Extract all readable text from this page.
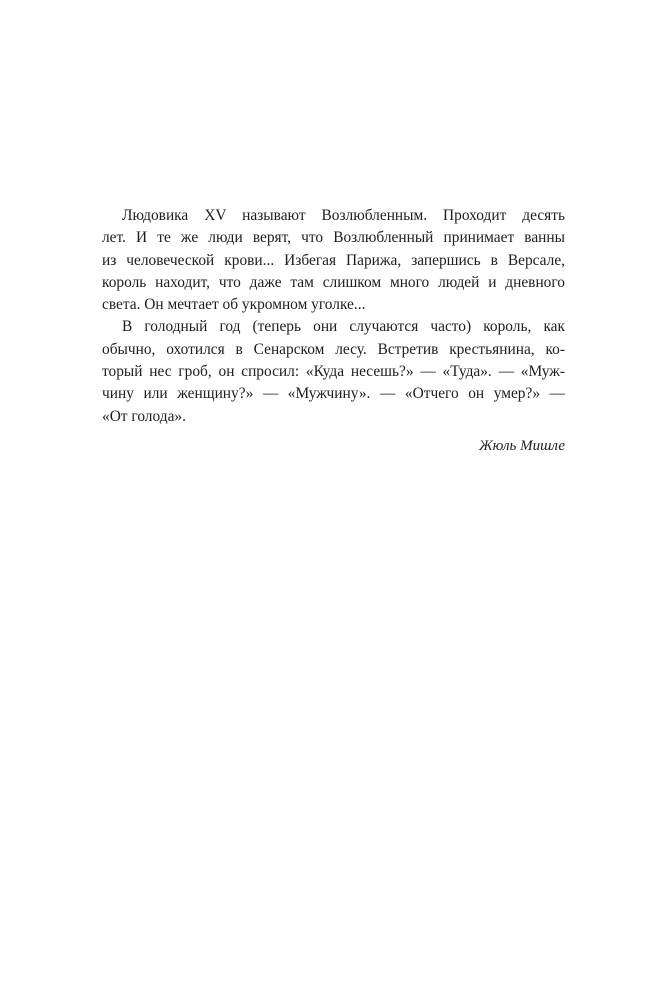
Людовика XV называют Возлюбленным. Проходит десять
лет. И те же люди верят, что Возлюбленный принимает ванны
из человеческой крови... Избегая Парижа, запершись в Версале,
король находит, что даже там слишком много людей и дневного
света. Он мечтает об укромном уголке...
В голодный год (теперь они случаются часто) король, как
обычно, охотился в Сенарском лесу. Встретив крестьянина, ко-
торый нес гроб, он спросил: «Куда несешь?» — «Туда». — «Муж-
чину или женщину?» — «Мужчину». — «Отчего он умер?» —
«От голода».
Жюль Мишле
